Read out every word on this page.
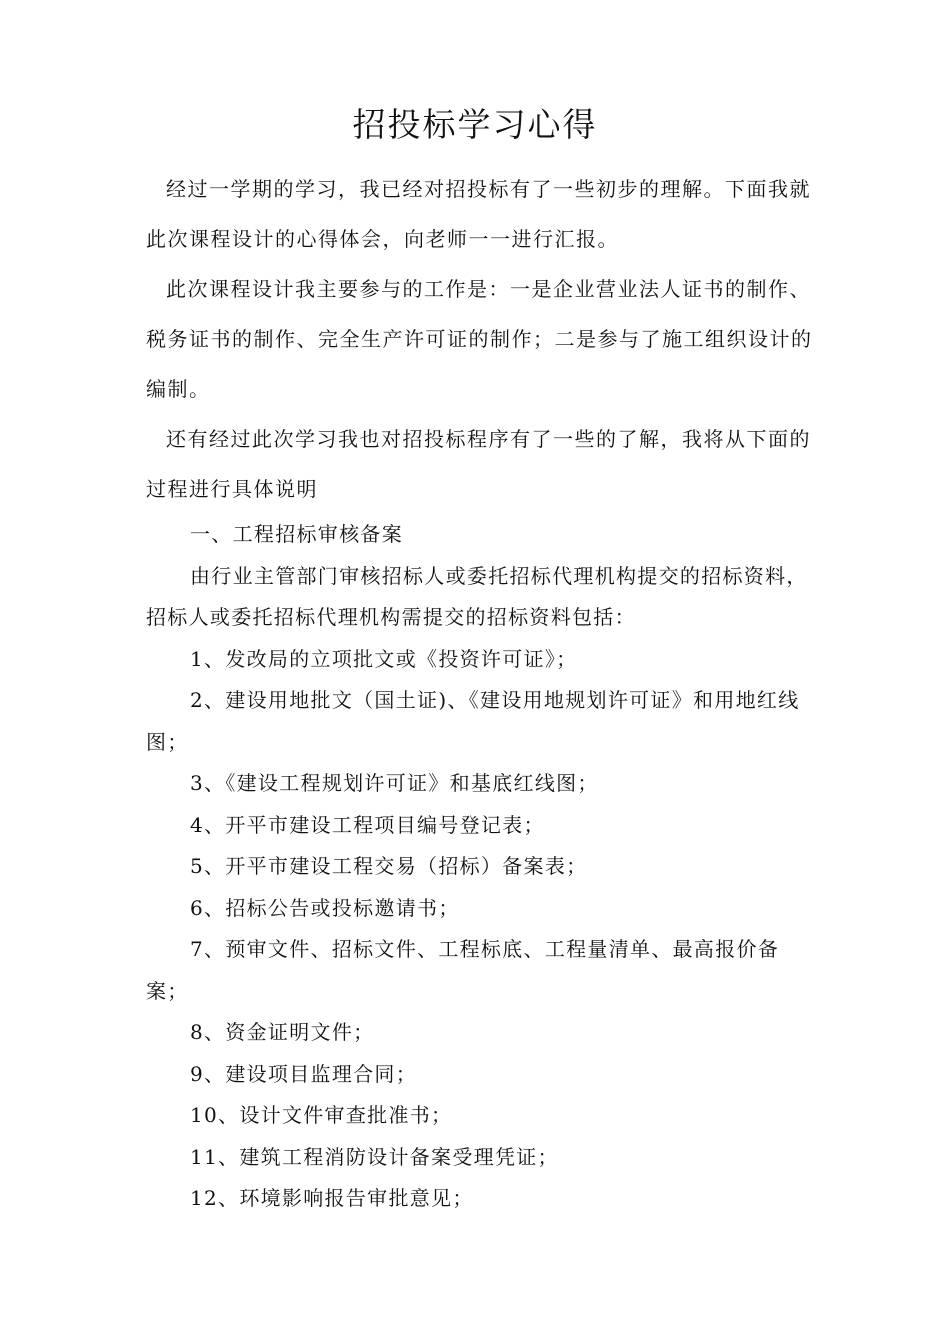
招投标学习心得

经过一学期的学习，我已经对招投标有了一些初步的理解。下面我就此次课程设计的心得体会，向老师一一进行汇报。

此次课程设计我主要参与的工作是：一是企业营业法人证书的制作、税务证书的制作、完全生产许可证的制作；二是参与了施工组织设计的编制。

还有经过此次学习我也对招投标程序有了一些的了解，我将从下面的过程进行具体说明

一、工程招标审核备案

由行业主管部门审核招标人或委托招标代理机构提交的招标资料，招标人或委托招标代理机构需提交的招标资料包括：

1、发改局的立项批文或《投资许可证》；

2、建设用地批文（国土证)、《建设用地规划许可证》和用地红线图；

3、《建设工程规划许可证》和基底红线图；

4、开平市建设工程项目编号登记表；

5、开平市建设工程交易（招标）备案表；

6、招标公告或投标邀请书；

7、预审文件、招标文件、工程标底、工程量清单、最高报价备案；

8、资金证明文件；

9、建设项目监理合同；

10、设计文件审查批准书；

11、建筑工程消防设计备案受理凭证；

12、环境影响报告审批意见；
